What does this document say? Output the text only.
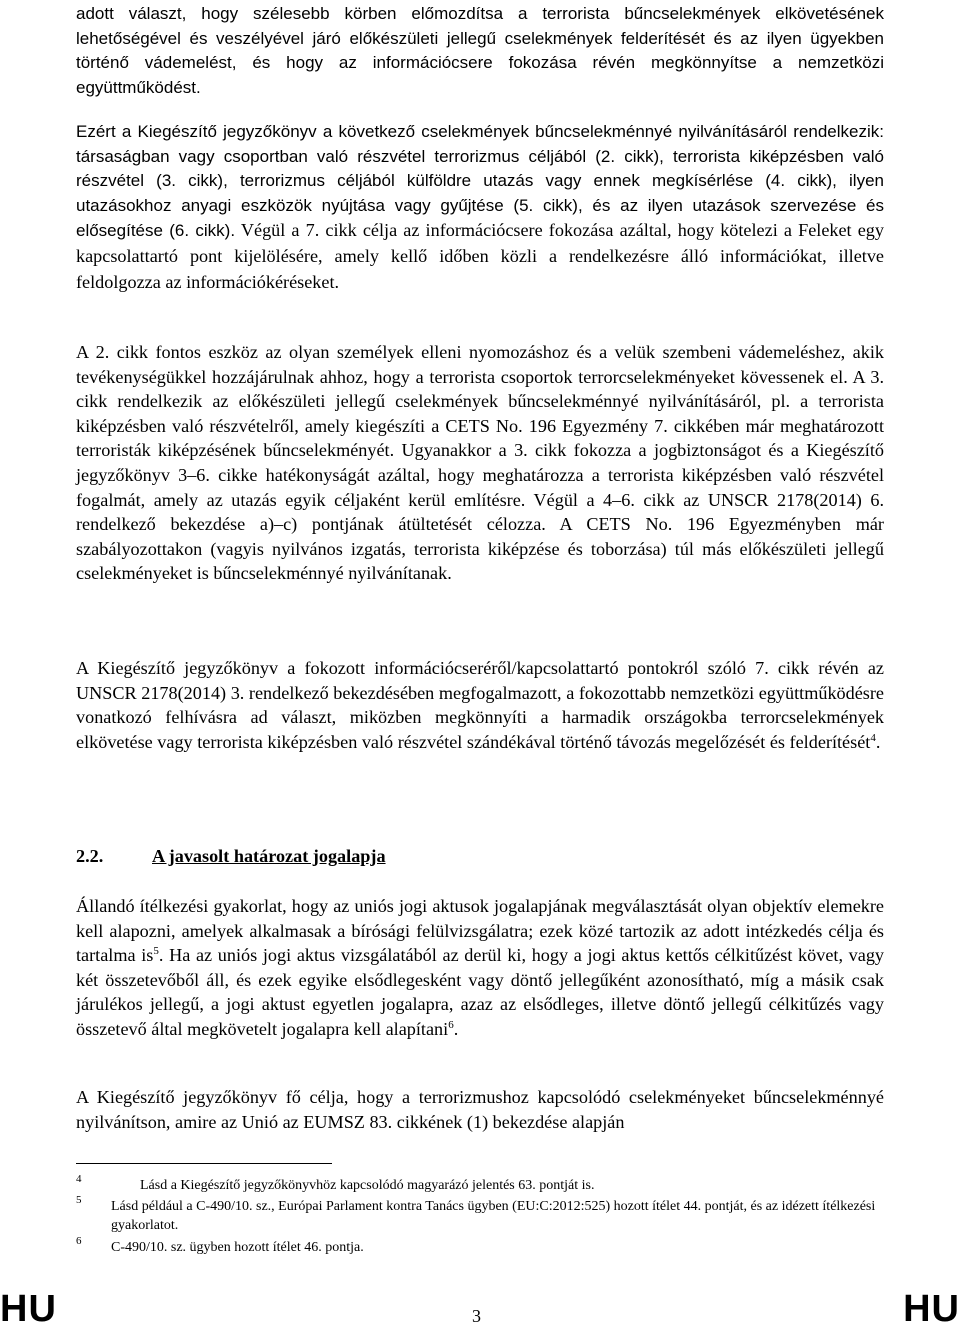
adott választ, hogy szélesebb körben előmozdítsa a terrorista bűncselekmények elkövetésének lehetőségével és veszélyével járó előkészületi jellegű cselekmények felderítését és az ilyen ügyekben történő vádemelést, és hogy az információcsere fokozása révén megkönnyítse a nemzetközi együttműködést.

Ezért a Kiegészítő jegyzőkönyv a következő cselekmények bűncselekménnyé nyilvánításáról rendelkezik: társaságban vagy csoportban való részvétel terrorizmus céljából (2. cikk), terrorista kiképzésben való részvétel (3. cikk), terrorizmus céljából külföldre utazás vagy ennek megkísérlése (4. cikk), ilyen utazásokhoz anyagi eszközök nyújtása vagy gyűjtése (5. cikk), és az ilyen utazások szervezése és elősegítése (6. cikk). Végül a 7. cikk célja az információcsere fokozása azáltal, hogy kötelezi a Feleket egy kapcsolattartó pont kijelölésére, amely kellő időben közli a rendelkezésre álló információkat, illetve feldolgozza az információkéréseket.

A 2. cikk fontos eszköz az olyan személyek elleni nyomozáshoz és a velük szembeni vádemeléshez, akik tevékenységükkel hozzájárulnak ahhoz, hogy a terrorista csoportok terrorcselekményeket kövessenek el. A 3. cikk rendelkezik az előkészületi jellegű cselekmények bűncselekménnyé nyilvánításáról, pl. a terrorista kiképzésben való részvételről, amely kiegészíti a CETS No. 196 Egyezmény 7. cikkében már meghatározott terroristák kiképzésének bűncselekményét. Ugyanakkor a 3. cikk fokozza a jogbiztonságot és a Kiegészítő jegyzőkönyv 3–6. cikke hatékonyságát azáltal, hogy meghatározza a terrorista kiképzésben való részvétel fogalmát, amely az utazás egyik céljaként kerül említésre. Végül a 4–6. cikk az UNSCR 2178(2014) 6. rendelkező bekezdése a)–c) pontjának átültetését célozza. A CETS No. 196 Egyezményben már szabályozottakon (vagyis nyilvános izgatás, terrorista kiképzése és toborzása) túl más előkészületi jellegű cselekményeket is bűncselekménnyé nyilvánítanak.

A Kiegészítő jegyzőkönyv a fokozott információcseréről/kapcsolattartó pontokról szóló 7. cikk révén az UNSCR 2178(2014) 3. rendelkező bekezdésében megfogalmazott, a fokozottabb nemzetközi együttműködésre vonatkozó felhívásra ad választ, miközben megkönnyíti a harmadik országokba terrorcselekmények elkövetése vagy terrorista kiképzésben való részvétel szándékával történő távozás megelőzését és felderítését$^4$.

Állandó ítélkezési gyakorlat, hogy az uniós jogi aktusok jogalapjának megválasztását olyan objektív elemekre kell alapozni, amelyek alkalmasak a bírósági felülvizsgálatra; ezek közé tartozik az adott intézkedés célja és tartalma $is^5$. Ha az uniós jogi aktus vizsgálatából az derül ki, hogy a jogi aktus kettős célkitűzést követ, vagy két összetevőből áll, és ezek egyike elsődlegesként vagy döntő jellegűként azonosítható, míg a másik csak járulékos jellegű, a jogi aktust egyetlen jogalapra, azaz az elsődleges, illetve döntő jellegű célkitűzés vagy összetevő által megkövetelt jogalapra kell alapítani$^6$.

A Kiegészítő jegyzőkönyv fő célja, hogy a terrorizmushoz kapcsolódó cselekményeket bűncselekménnyé nyilvánítson, amire az Unió az EUMSZ 83. cikkének (1) bekezdése alapján

2.2.	A javasolt határozat jogalapja
4	Lásd a Kiegészítő jegyzőkönyvhöz kapcsolódó magyarázó jelentés 63. pontját is.
5	Lásd például a C-490/10. sz., Európai Parlament kontra Tanács ügyben (EU:C:2012:525) hozott ítélet 44. pontját, és az idézett ítélkezési gyakorlatot.
6	C-490/10. sz. ügyben hozott ítélet 46. pontja.
HU	3	HU
